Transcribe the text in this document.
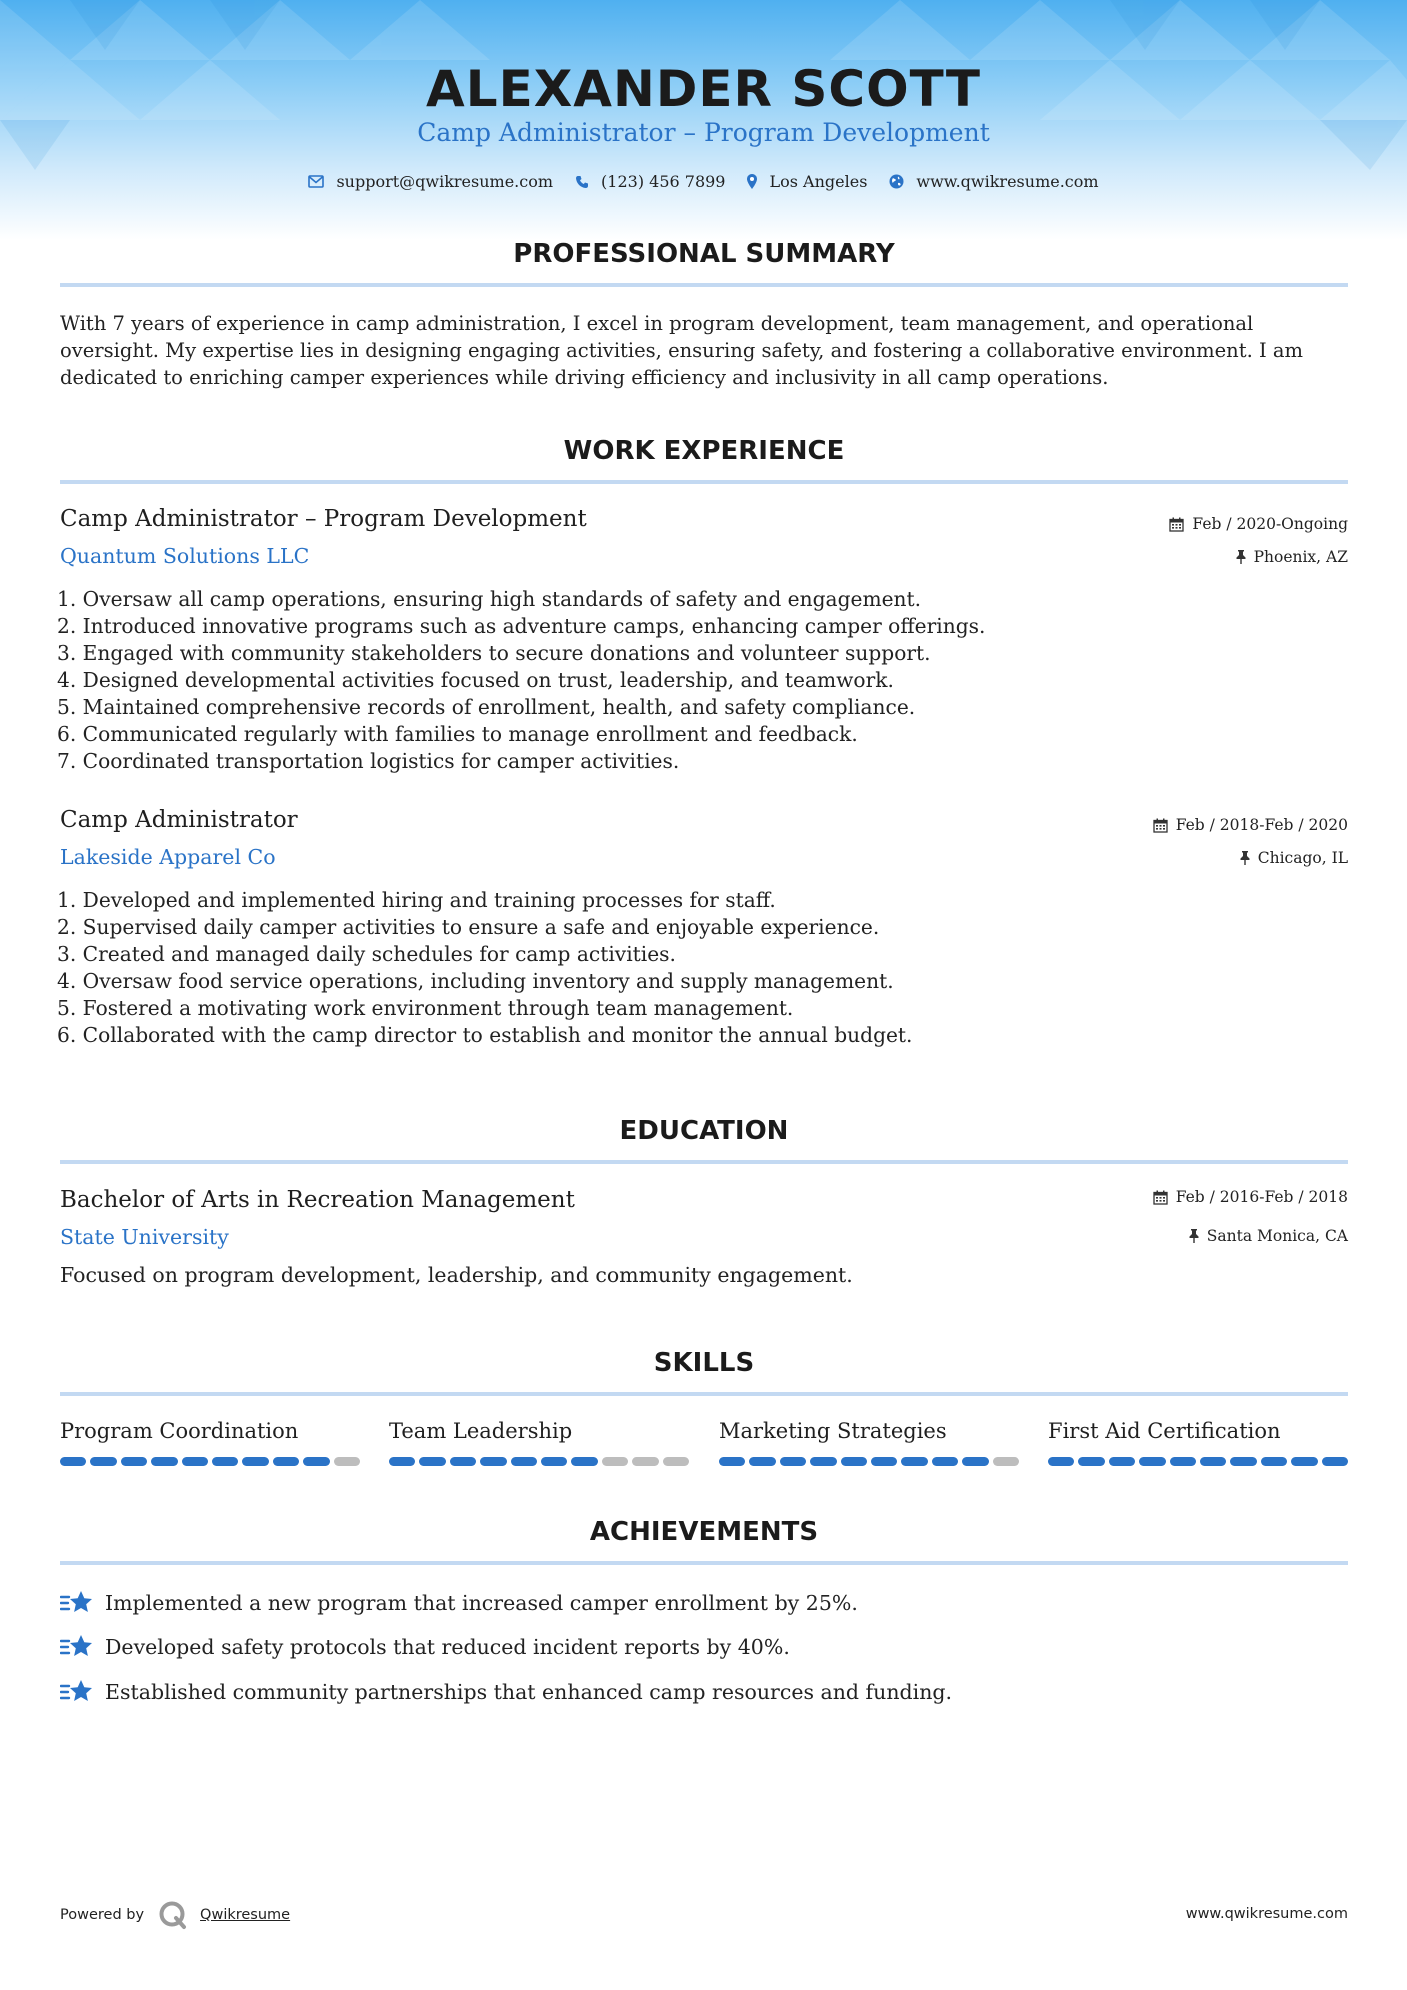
ALEXANDER SCOTT
Camp Administrator – Program Development
support@qwikresume.com	(123) 456 7899	Los Angeles	www.qwikresume.com
PROFESSIONAL SUMMARY
With 7 years of experience in camp administration, I excel in program development, team management, and operational
oversight. My expertise lies in designing engaging activities, ensuring safety, and fostering a collaborative environment. I am
dedicated to enriching camper experiences while driving efficiency and inclusivity in all camp operations.
WORK EXPERIENCE
Camp Administrator – Program Development
Quantum Solutions LLC
Feb / 2020-Ongoing
Phoenix, AZ
1. Oversaw all camp operations, ensuring high standards of safety and engagement.
2. Introduced innovative programs such as adventure camps, enhancing camper offerings.
3. Engaged with community stakeholders to secure donations and volunteer support.
4. Designed developmental activities focused on trust, leadership, and teamwork.
5. Maintained comprehensive records of enrollment, health, and safety compliance.
6. Communicated regularly with families to manage enrollment and feedback.
7. Coordinated transportation logistics for camper activities.
Camp Administrator
Lakeside Apparel Co
Feb / 2018-Feb / 2020
Chicago, IL
1. Developed and implemented hiring and training processes for staff.
2. Supervised daily camper activities to ensure a safe and enjoyable experience.
3. Created and managed daily schedules for camp activities.
4. Oversaw food service operations, including inventory and supply management.
5. Fostered a motivating work environment through team management.
6. Collaborated with the camp director to establish and monitor the annual budget.
EDUCATION
Bachelor of Arts in Recreation Management
State University
Feb / 2016-Feb / 2018
Santa Monica, CA
Focused on program development, leadership, and community engagement.
SKILLS
Program Coordination	Team Leadership	Marketing Strategies	First Aid Certification
ACHIEVEMENTS
Implemented a new program that increased camper enrollment by 25%.
Developed safety protocols that reduced incident reports by 40%.
Established community partnerships that enhanced camp resources and funding.
Powered by	Qwikresume	www.qwikresume.com
